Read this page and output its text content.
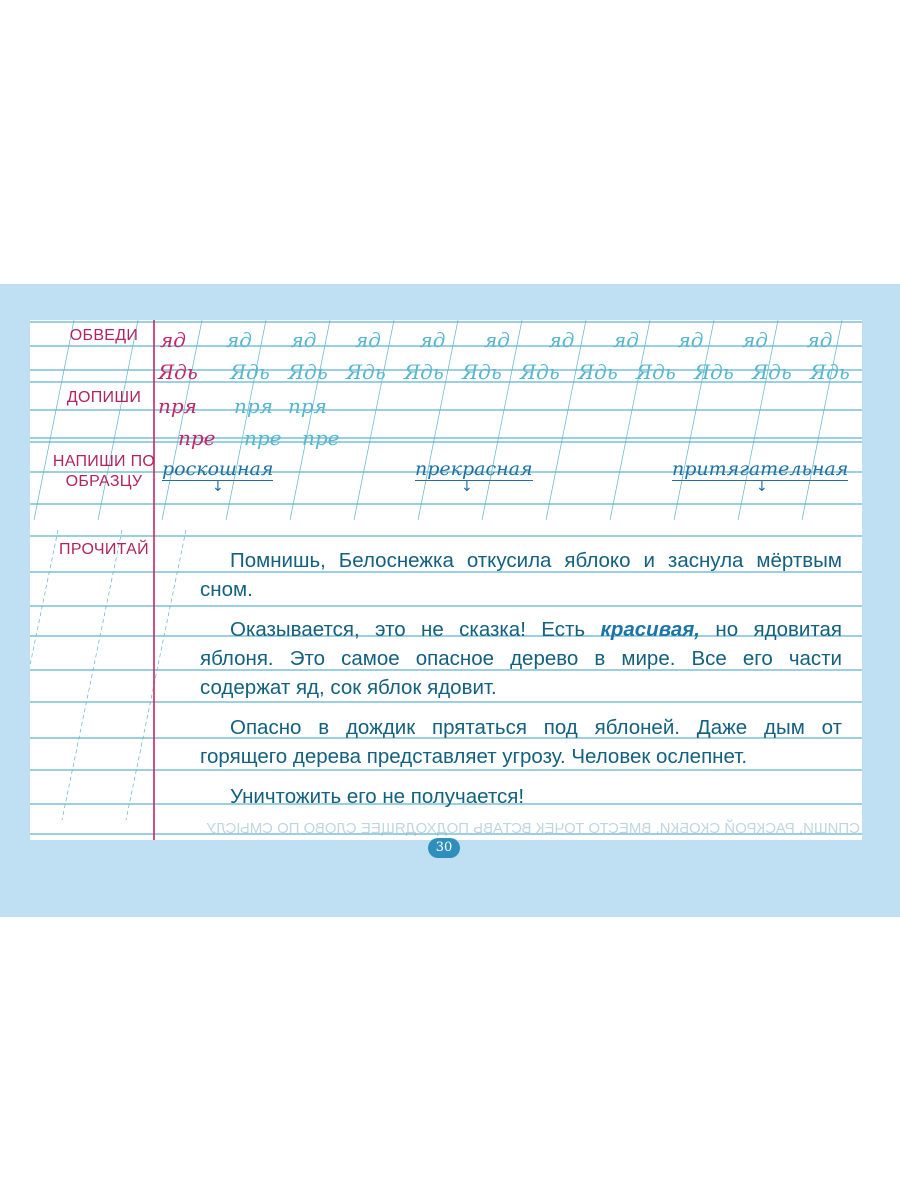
ОБВЕДИ
ДОПИШИ
НАПИШИ ПО
ОБРАЗЦУ
ПРОЧИТАЙ
яд яд яд яд яд яд яд яд яд яд яд
Ядь Ядь Ядь Ядь Ядь Ядь Ядь Ядь Ядь Ядь Ядь Ядь
пря пря пря
пре пре пре
роскошная
↓
прекрасная
↓
притягательная
↓

Помнишь, Белоснежка откусила яблоко и заснула мёртвым сном.

Оказывается, это не сказка! Есть красивая, но ядовитая яблоня. Это самое опасное дерево в мире. Все его части содержат яд, сок яблок ядовит.

Опасно в дождик прятаться под яблоней. Даже дым от горящего дерева представляет угрозу. Человек ослепнет.

Уничтожить его не получается!

СПИШИ, РАСКРОЙ СКОБКИ, ВМЕСТО ТОЧЕК ВСТАВЬ ПОДХОДЯЩЕЕ СЛОВО ПО СМЫСЛУ
30
